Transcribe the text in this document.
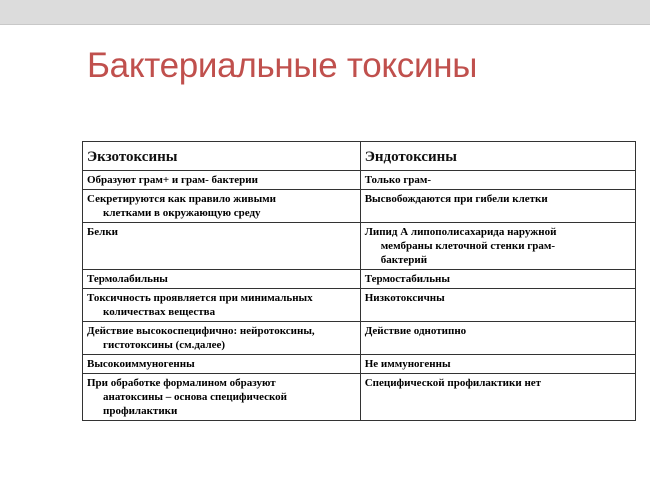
Бактериальные токсины
Экзотоксины	Эндотоксины

Образуют грам+ и грам- бактерии	Только грам-

Секретируются как правило живыми
клетками в окружающую среду	Высвобождаются при гибели клетки

Белки	Липид А липополисахарида наружной
мембраны клеточной стенки грам-
бактерий

Термолабильны	Термостабильны

Токсичность проявляется при минимальных
количествах вещества	Низкотоксичны

Действие высокоспецифично: нейротоксины,
гистотоксины (см.далее)	Действие однотипно

Высокоиммуногенны	Не иммуногенны

При обработке формалином образуют
анатоксины – основа специфической
профилактики	Специфической профилактики нет
